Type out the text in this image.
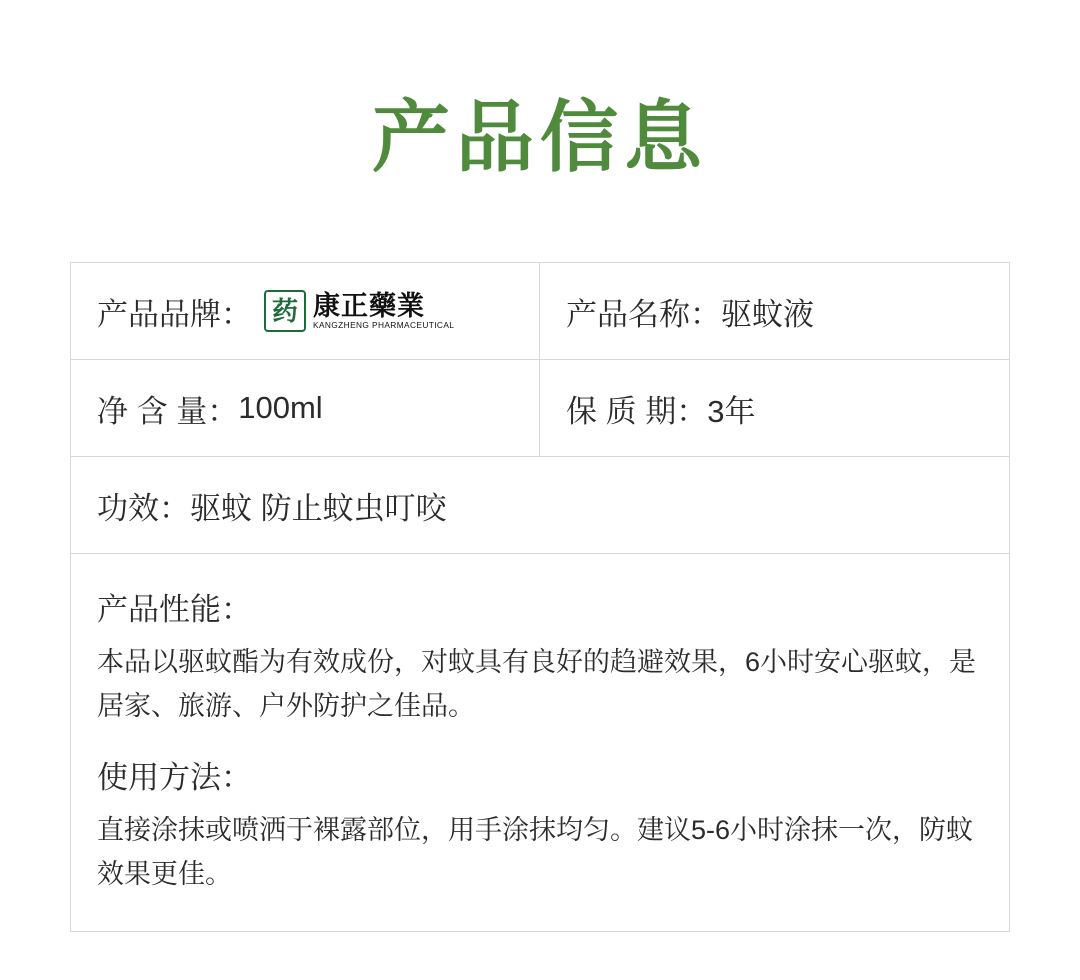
产品信息
产品品牌： 药 康正藥業
KANGZHENG PHARMACEUTICAL	产品名称： 驱蚊液
净 含 量： 100ml	保 质 期： 3年
功效： 驱蚊 防止蚊虫叮咬
产品性能：

本品以驱蚊酯为有效成份，对蚊具有良好的趋避效果，6小时安心驱蚊，是居家、旅游、户外防护之佳品。

使用方法：

直接涂抹或喷洒于裸露部位，用手涂抹均匀。建议5-6小时涂抹一次，防蚊效果更佳。
